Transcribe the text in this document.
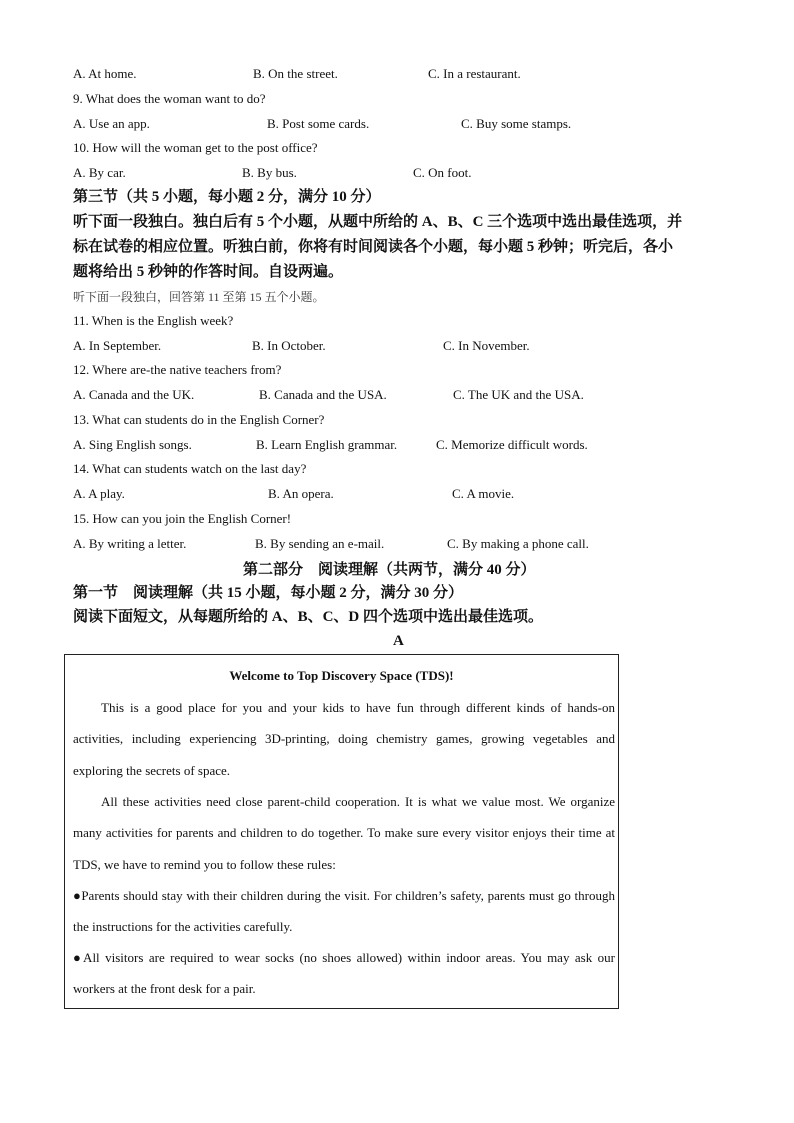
A. At home.	B. On the street.	C. In a restaurant.
9. What does the woman want to do?
A. Use an app.	B. Post some cards.	C. Buy some stamps.
10. How will the woman get to the post office?
A. By car.	B. By bus.	C. On foot.
第三节（共 5 小题，每小题 2 分，满分 10 分）
听下面一段独白。独白后有 5 个小题，从题中所给的 A、B、C 三个选项中选出最佳选项，并
标在试卷的相应位置。听独白前，你将有时间阅读各个小题，每小题 5 秒钟；听完后，各小
题将给出 5 秒钟的作答时间。自设两遍。
听下面一段独白，回答第 11 至第 15 五个小题。
11. When is the English week?
A. In September.	B. In October.	C. In November.
12. Where are-the native teachers from?
A. Canada and the UK.	B. Canada and the USA.	C. The UK and the USA.
13. What can students do in the English Corner?
A. Sing English songs.	B. Learn English grammar.	C. Memorize difficult words.
14. What can students watch on the last day?
A. A play.	B. An opera.	C. A movie.
15. How can you join the English Corner!
A. By writing a letter.	B. By sending an e-mail.	C. By making a phone call.
第二部分　阅读理解（共两节，满分 40 分）
第一节　阅读理解（共 15 小题，每小题 2 分，满分 30 分）
阅读下面短文，从每题所给的 A、B、C、D 四个选项中选出最佳选项。
A
Welcome to Top Discovery Space (TDS)!
This is a good place for you and your kids to have fun through different kinds of hands-on activities, including experiencing 3D-printing, doing chemistry games, growing vegetables and exploring the secrets of space.
All these activities need close parent-child cooperation. It is what we value most. We organize many activities for parents and children to do together. To make sure every visitor enjoys their time at TDS, we have to remind you to follow these rules:
●Parents should stay with their children during the visit. For children’s safety, parents must go through the instructions for the activities carefully.
●All visitors are required to wear socks (no shoes allowed) within indoor areas. You may ask our workers at the front desk for a pair.
